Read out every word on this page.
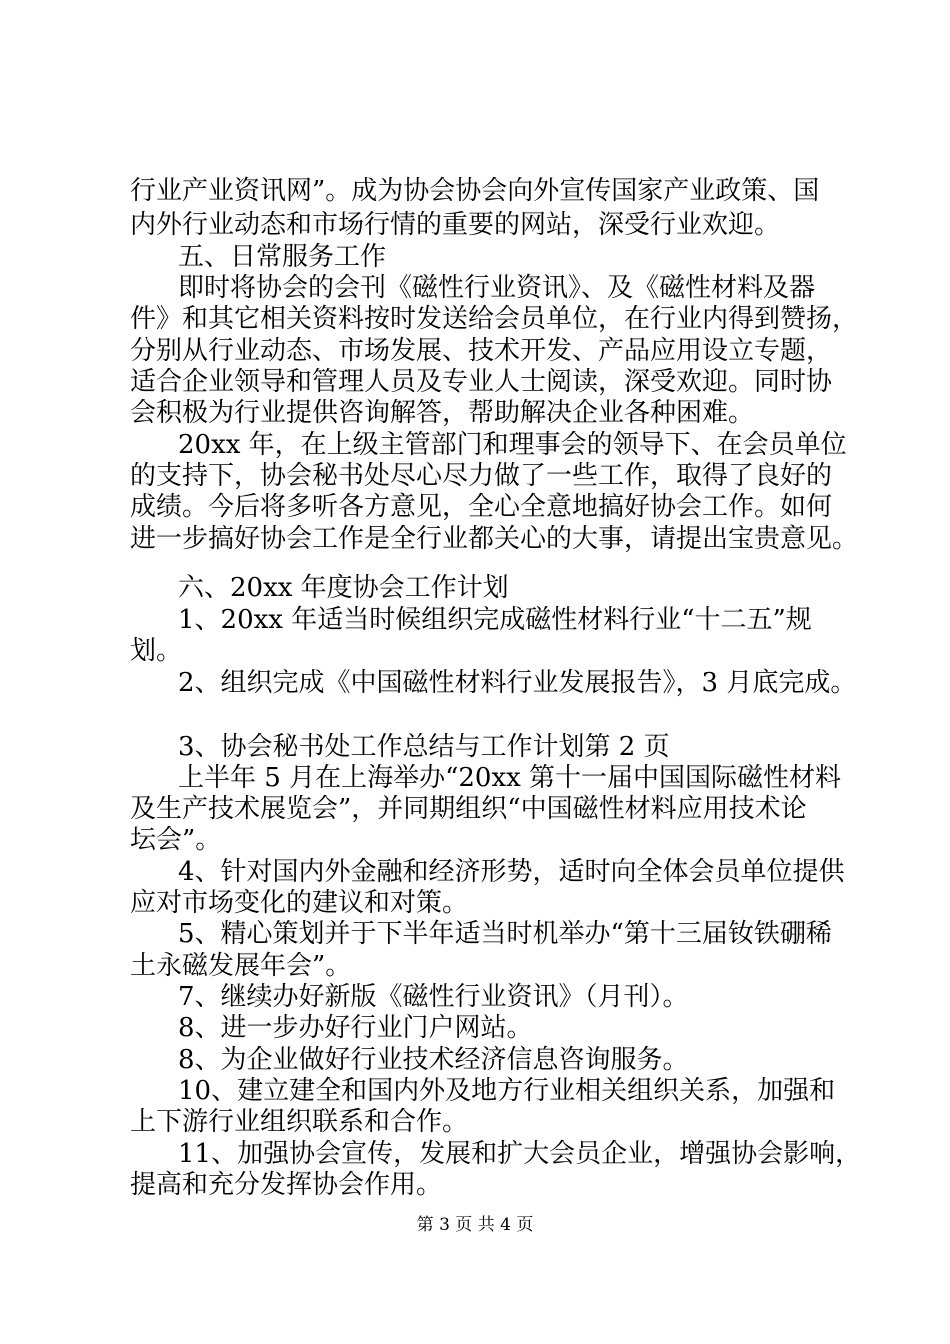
行业产业资讯网”。成为协会协会向外宣传国家产业政策、国

内外行业动态和市场行情的重要的网站，深受行业欢迎。

五、日常服务工作

即时将协会的会刊《磁性行业资讯》、及《磁性材料及器

件》和其它相关资料按时发送给会员单位，在行业内得到赞扬，

分别从行业动态、市场发展、技术开发、产品应用设立专题，

适合企业领导和管理人员及专业人士阅读，深受欢迎。同时协

会积极为行业提供咨询解答，帮助解决企业各种困难。

20xx 年，在上级主管部门和理事会的领导下、在会员单位

的支持下，协会秘书处尽心尽力做了一些工作，取得了良好的

成绩。今后将多听各方意见，全心全意地搞好协会工作。如何

进一步搞好协会工作是全行业都关心的大事，请提出宝贵意见。

六、20xx 年度协会工作计划

1、20xx 年适当时候组织完成磁性材料行业“十二五”规

划。

2、组织完成《中国磁性材料行业发展报告》，3 月底完成。

3、协会秘书处工作总结与工作计划第 2 页

上半年 5 月在上海举办“20xx 第十一届中国国际磁性材料

及生产技术展览会”，并同期组织“中国磁性材料应用技术论

坛会”。

4、针对国内外金融和经济形势，适时向全体会员单位提供

应对市场变化的建议和对策。

5、精心策划并于下半年适当时机举办“第十三届钕铁硼稀

土永磁发展年会”。

7、继续办好新版《磁性行业资讯》（月刊）。

8、进一步办好行业门户网站。

8、为企业做好行业技术经济信息咨询服务。

10、建立建全和国内外及地方行业相关组织关系，加强和

上下游行业组织联系和合作。

11、加强协会宣传，发展和扩大会员企业，增强协会影响，

提高和充分发挥协会作用。

第 3 页 共 4 页
